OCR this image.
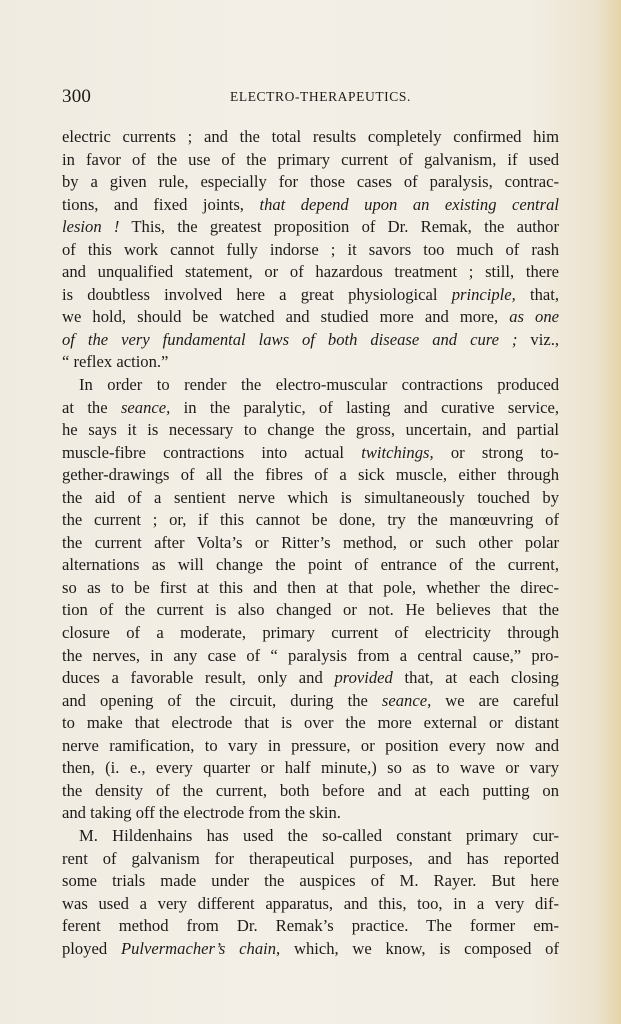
300	ELECTRO-THERAPEUTICS.
electric currents ; and the total results completely confirmed him
in favor of the use of the primary current of galvanism, if used
by a given rule, especially for those cases of paralysis, contrac-
tions, and fixed joints, that depend upon an existing central
lesion ! This, the greatest proposition of Dr. Remak, the author
of this work cannot fully indorse ; it savors too much of rash
and unqualified statement, or of hazardous treatment ; still, there
is doubtless involved here a great physiological principle, that,
we hold, should be watched and studied more and more, as one
of the very fundamental laws of both disease and cure ; viz.,
“ reflex action.”
In order to render the electro-muscular contractions produced
at the seance, in the paralytic, of lasting and curative service,
he says it is necessary to change the gross, uncertain, and partial
muscle-fibre contractions into actual twitchings, or strong to-
gether-drawings of all the fibres of a sick muscle, either through
the aid of a sentient nerve which is simultaneously touched by
the current ; or, if this cannot be done, try the manœuvring of
the current after Volta’s or Ritter’s method, or such other polar
alternations as will change the point of entrance of the current,
so as to be first at this and then at that pole, whether the direc-
tion of the current is also changed or not. He believes that the
closure of a moderate, primary current of electricity through
the nerves, in any case of “ paralysis from a central cause,” pro-
duces a favorable result, only and provided that, at each closing
and opening of the circuit, during the seance, we are careful
to make that electrode that is over the more external or distant
nerve ramification, to vary in pressure, or position every now and
then, (i. e., every quarter or half minute,) so as to wave or vary
the density of the current, both before and at each putting on
and taking off the electrode from the skin.
M. Hildenhains has used the so-called constant primary cur-
rent of galvanism for therapeutical purposes, and has reported
some trials made under the auspices of M. Rayer. But here
was used a very different apparatus, and this, too, in a very dif-
ferent method from Dr. Remak’s practice. The former em-
ployed Pulvermacher’s chain, which, we know, is composed of
